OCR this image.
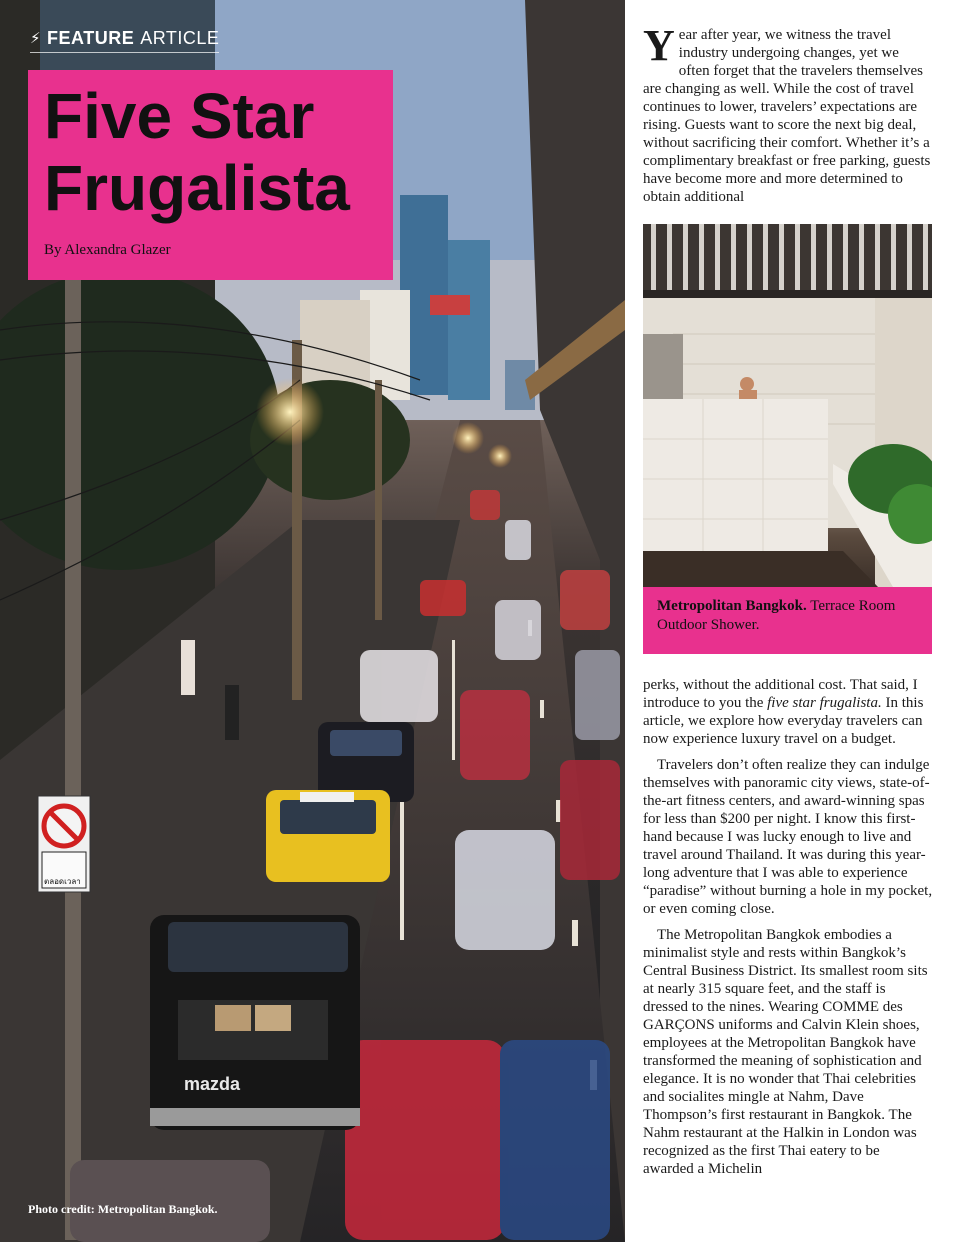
mazda
ตลอดเวลา
⚡︎ FEATURE ARTICLE
Five Star
Frugalista
By Alexandra Glazer
Photo credit: Metropolitan Bangkok.

Year after year, we witness the travel industry undergoing changes, yet we often forget that the travelers themselves are changing as well. While the cost of travel continues to lower, travelers’ expectations are rising. Guests want to score the next big deal, without sacrificing their comfort. Whether it’s a complimentary breakfast or free parking, guests have become more and more determined to obtain additional

Metropolitan Bangkok. Terrace Room Outdoor Shower.

perks, without the additional cost. That said, I introduce to you the five star frugalista. In this article, we explore how everyday travelers can now experience luxury travel on a budget.

Travelers don’t often realize they can indulge themselves with panoramic city views, state-of-the-art fitness centers, and award-winning spas for less than $200 per night. I know this first-hand because I was lucky enough to live and travel around Thailand. It was during this year-long adventure that I was able to experience “paradise” without burning a hole in my pocket, or even coming close.

The Metropolitan Bangkok embodies a minimalist style and rests within Bangkok’s Central Business District. Its smallest room sits at nearly 315 square feet, and the staff is dressed to the nines. Wearing COMME des GARÇONS uniforms and Calvin Klein shoes, employees at the Metropolitan Bangkok have transformed the meaning of sophistication and elegance. It is no wonder that Thai celebrities and socialites mingle at Nahm, Dave Thompson’s first restaurant in Bangkok. The Nahm restaurant at the Halkin in London was recognized as the first Thai eatery to be awarded a Michelin
